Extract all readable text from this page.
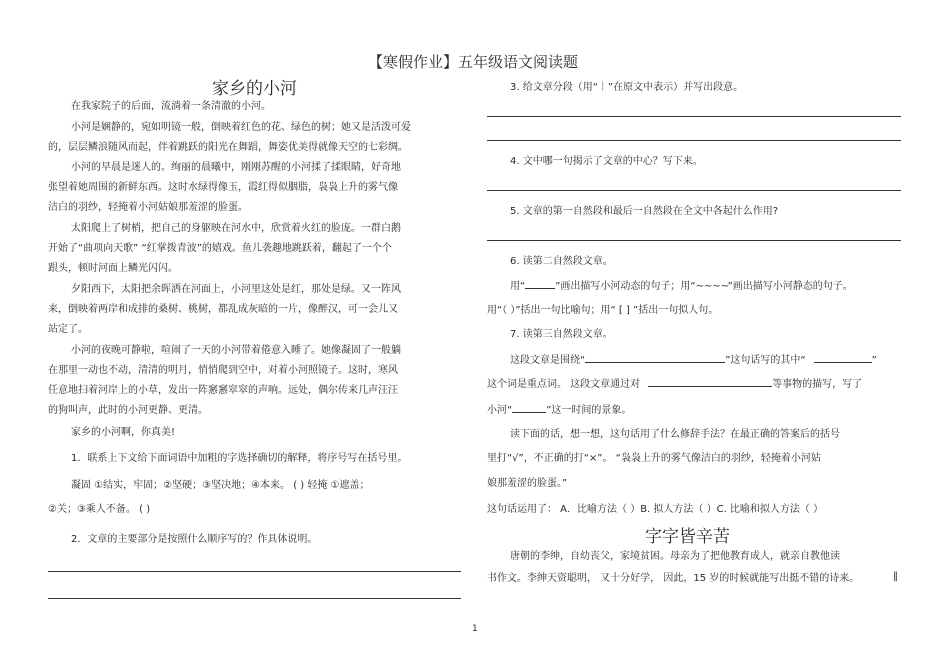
【寒假作业】五年级语文阅读题
家乡的小河
在我家院子的后面，流淌着一条清澈的小河。
小河是娴静的，宛如明镜一般，倒映着红色的花、绿色的树；她又是活泼可爱
的，层层鳞浪随风而起，伴着跳跃的阳光在舞蹈，舞姿优美得就像天空的七彩绸。
小河的早晨是迷人的。绚丽的晨曦中，刚刚苏醒的小河揉了揉眼睛，好奇地
张望着她周围的新鲜东西。这时水绿得像玉，霞红得似胭脂，袅袅上升的雾气像
洁白的羽纱，轻掩着小河姑娘那羞涩的脸蛋。
太阳爬上了树梢，把自己的身躯映在河水中，欣赏着火红的脸庞。一群白鹅
开始了“曲项向天歌” “红掌拨青波”的嬉戏。鱼儿袭趣地跳跃着，翻起了一个个
跟头，顿时河面上鳞光闪闪。
夕阳西下，太阳把余晖洒在河面上，小河里这处是红，那处是绿。又一阵风
来，倒映着两岸和成排的桑树、桃树，都乱成灰暗的一片，像醉汉，可一会儿又
站定了。
小河的夜晚可静啦，喧闹了一天的小河带着倦意入睡了。她像凝固了一般躺
在那里一动也不动，清清的明月，悄悄爬到空中，对着小河照镜子。这时，寒风
任意地扫着河岸上的小草，发出一阵窸窸窣窣的声响。远处，偶尔传来几声汪汪
的狗叫声，此时的小河更静、更清。
家乡的小河啊，你真美!
1．联系上下文给下面词语中加粗的字选择确切的解释，将序号写在括号里。
凝固 ①结实，牢固；②坚硬；③坚决地；④本来。 ( ) 轻掩 ①遮盖；
②关；③乘人不备。 ( )
2．文章的主要部分是按照什么顺序写的？作具体说明。
3. 给文章分段（用“｜”在原文中表示）并写出段意。
4. 文中哪一句揭示了文章的中心？写下来。
5. 文章的第一自然段和最后一自然段在全文中各起什么作用?
6. 读第二自然段文章。
用“	”画出描写小河动态的句子；用“~~~~”画出描写小河静态的句子。
用“（ ）”括出一句比喻句；用“ [ ] ”括出一句拟人句。
7. 读第三自然段文章。
这段文章是围绕“	”这句话写的其中“	”
这个词是重点词。 这段文章通过对	等事物的描写，写了
小河“	”这一时间的景象。
读下面的话，想一想，这句话用了什么修辞手法？在最正确的答案后的括号
里打“√”，不正确的打“×”。 “袅袅上升的雾气像洁白的羽纱，轻掩着小河姑
娘那羞涩的脸蛋。”
这句话运用了： A．比喻方法（ ）B. 拟人方法（ ）C. 比喻和拟人方法（ ）
字字皆辛苦
唐朝的李绅，自幼丧父，家境贫困。母亲为了把他教育成人，就亲自教他读
书作文。李绅天资聪明， 又十分好学， 因此，15 岁的时候就能写出挺不错的诗来。	‖
1
